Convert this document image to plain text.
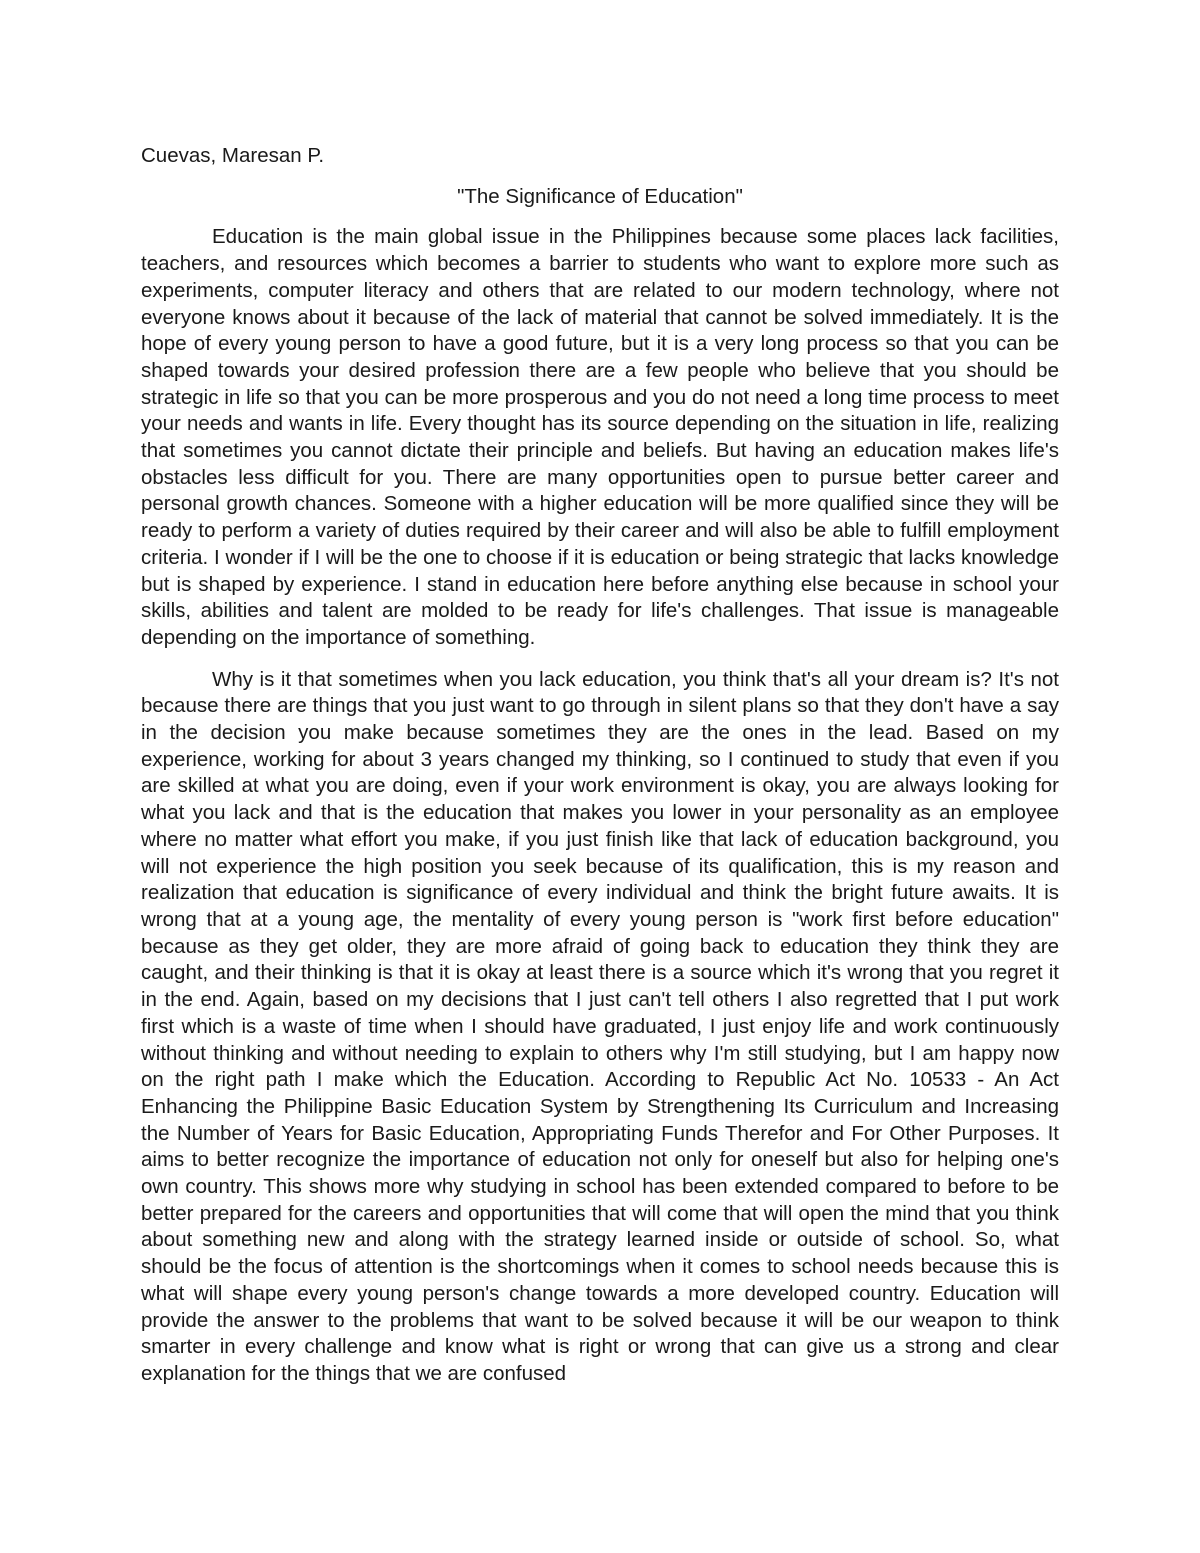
Cuevas, Maresan P.

"The Significance of Education"

Education is the main global issue in the Philippines because some places lack facilities, teachers, and resources which becomes a barrier to students who want to explore more such as experiments, computer literacy and others that are related to our modern technology, where not everyone knows about it because of the lack of material that cannot be solved immediately. It is the hope of every young person to have a good future, but it is a very long process so that you can be shaped towards your desired profession there are a few people who believe that you should be strategic in life so that you can be more prosperous and you do not need a long time process to meet your needs and wants in life. Every thought has its source depending on the situation in life, realizing that sometimes you cannot dictate their principle and beliefs. But having an education makes life's obstacles less difficult for you. There are many opportunities open to pursue better career and personal growth chances. Someone with a higher education will be more qualified since they will be ready to perform a variety of duties required by their career and will also be able to fulfill employment criteria. I wonder if I will be the one to choose if it is education or being strategic that lacks knowledge but is shaped by experience. I stand in education here before anything else because in school your skills, abilities and talent are molded to be ready for life's challenges. That issue is manageable depending on the importance of something.

Why is it that sometimes when you lack education, you think that's all your dream is? It's not because there are things that you just want to go through in silent plans so that they don't have a say in the decision you make because sometimes they are the ones in the lead. Based on my experience, working for about 3 years changed my thinking, so I continued to study that even if you are skilled at what you are doing, even if your work environment is okay, you are always looking for what you lack and that is the education that makes you lower in your personality as an employee where no matter what effort you make, if you just finish like that lack of education background, you will not experience the high position you seek because of its qualification, this is my reason and realization that education is significance of every individual and think the bright future awaits. It is wrong that at a young age, the mentality of every young person is "work first before education" because as they get older, they are more afraid of going back to education they think they are caught, and their thinking is that it is okay at least there is a source which it's wrong that you regret it in the end. Again, based on my decisions that I just can't tell others I also regretted that I put work first which is a waste of time when I should have graduated, I just enjoy life and work continuously without thinking and without needing to explain to others why I'm still studying, but I am happy now on the right path I make which the Education. According to Republic Act No. 10533 - An Act Enhancing the Philippine Basic Education System by Strengthening Its Curriculum and Increasing the Number of Years for Basic Education, Appropriating Funds Therefor and For Other Purposes. It aims to better recognize the importance of education not only for oneself but also for helping one's own country. This shows more why studying in school has been extended compared to before to be better prepared for the careers and opportunities that will come that will open the mind that you think about something new and along with the strategy learned inside or outside of school. So, what should be the focus of attention is the shortcomings when it comes to school needs because this is what will shape every young person's change towards a more developed country. Education will provide the answer to the problems that want to be solved because it will be our weapon to think smarter in every challenge and know what is right or wrong that can give us a strong and clear explanation for the things that we are confused
